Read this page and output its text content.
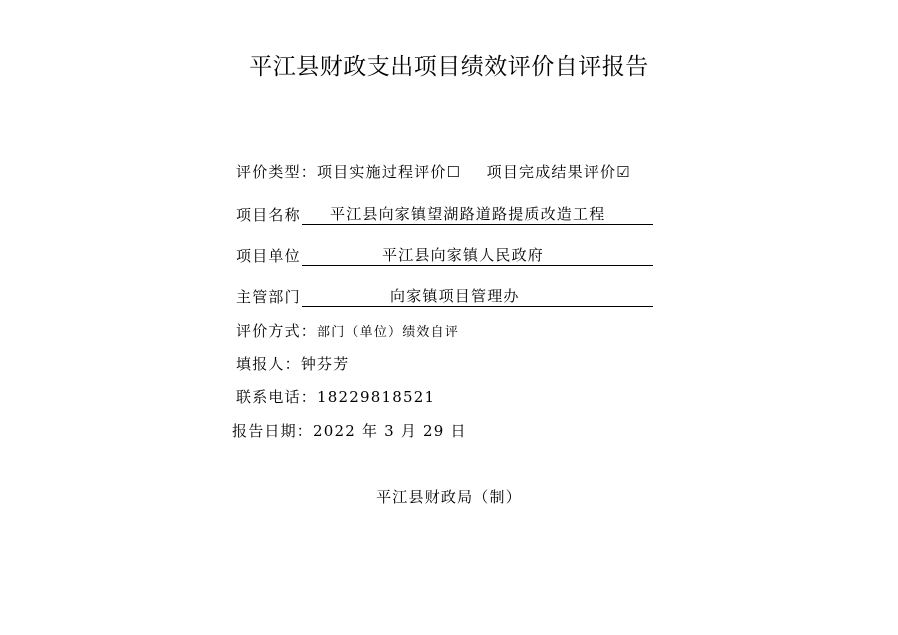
平江县财政支出项目绩效评价自评报告
评价类型：项目实施过程评价☐ 项目完成结果评价☑
项目名称 平江县向家镇望湖路道路提质改造工程
项目单位	平江县向家镇人民政府
主管部门	向家镇项目管理办
评价方式：部门（单位）绩效自评
填报人：钟芬芳
联系电话：18229818521
报告日期：2022 年 3 月 29 日
平江县财政局（制）
